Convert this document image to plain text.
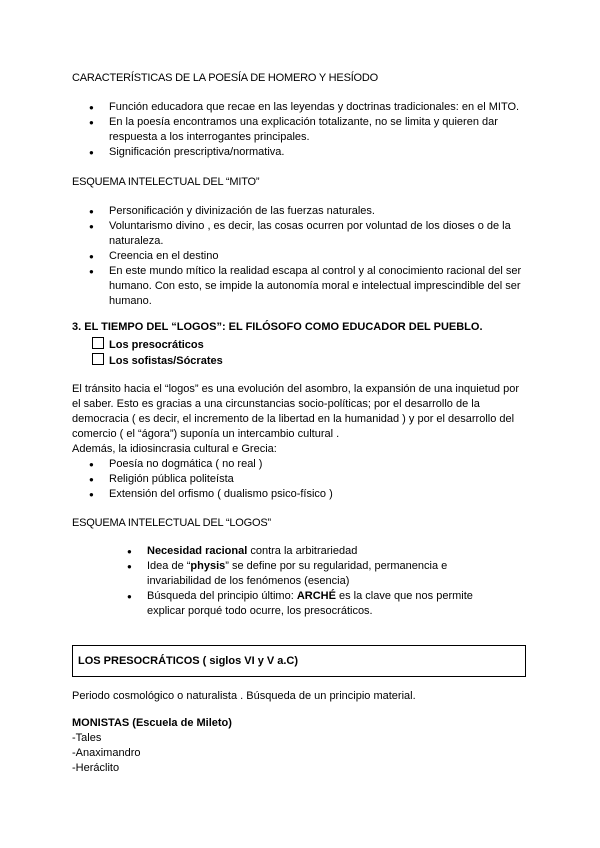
CARACTERÍSTICAS DE LA POESÍA DE HOMERO Y HESÍODO
● Función educadora que recae en las leyendas y doctrinas tradicionales: en el MITO.
● En la poesía encontramos una explicación totalizante, no se limita y quieren dar respuesta a los interrogantes principales.
● Significación prescriptiva/normativa.
ESQUEMA INTELECTUAL DEL “MITO”
● Personificación y divinización de las fuerzas naturales.
● Voluntarismo divino , es decir, las cosas ocurren por voluntad de los dioses o de la naturaleza.
● Creencia en el destino
● En este mundo mítico la realidad escapa al control y al conocimiento racional del ser humano. Con esto, se impide la autonomía moral e intelectual imprescindible del ser humano.
3. EL TIEMPO DEL “LOGOS”: EL FILÓSOFO COMO EDUCADOR DEL PUEBLO.
Los presocráticos
Los sofistas/Sócrates
El tránsito hacia el “logos” es una evolución del asombro, la expansión de una inquietud por el saber. Esto es gracias a una circunstancias socio-políticas; por el desarrollo de la democracia ( es decir, el incremento de la libertad en la humanidad ) y por el desarrollo del comercio ( el “ágora”) suponía un intercambio cultural .
Además, la idiosincrasia cultural e Grecia:
● Poesía no dogmática ( no real )
● Religión pública politeísta
● Extensión del orfismo ( dualismo psico-físico )
ESQUEMA INTELECTUAL DEL “LOGOS”
● Necesidad racional contra la arbitrariedad
● Idea de “physis” se define por su regularidad, permanencia e invariabilidad de los fenómenos (esencia)
● Búsqueda del principio último: ARCHÉ es la clave que nos permite explicar porqué todo ocurre, los presocráticos.
LOS PRESOCRÁTICOS ( siglos VI y V a.C)
Periodo cosmológico o naturalista . Búsqueda de un principio material.
MONISTAS (Escuela de Mileto)
-Tales
-Anaximandro
-Heráclito
